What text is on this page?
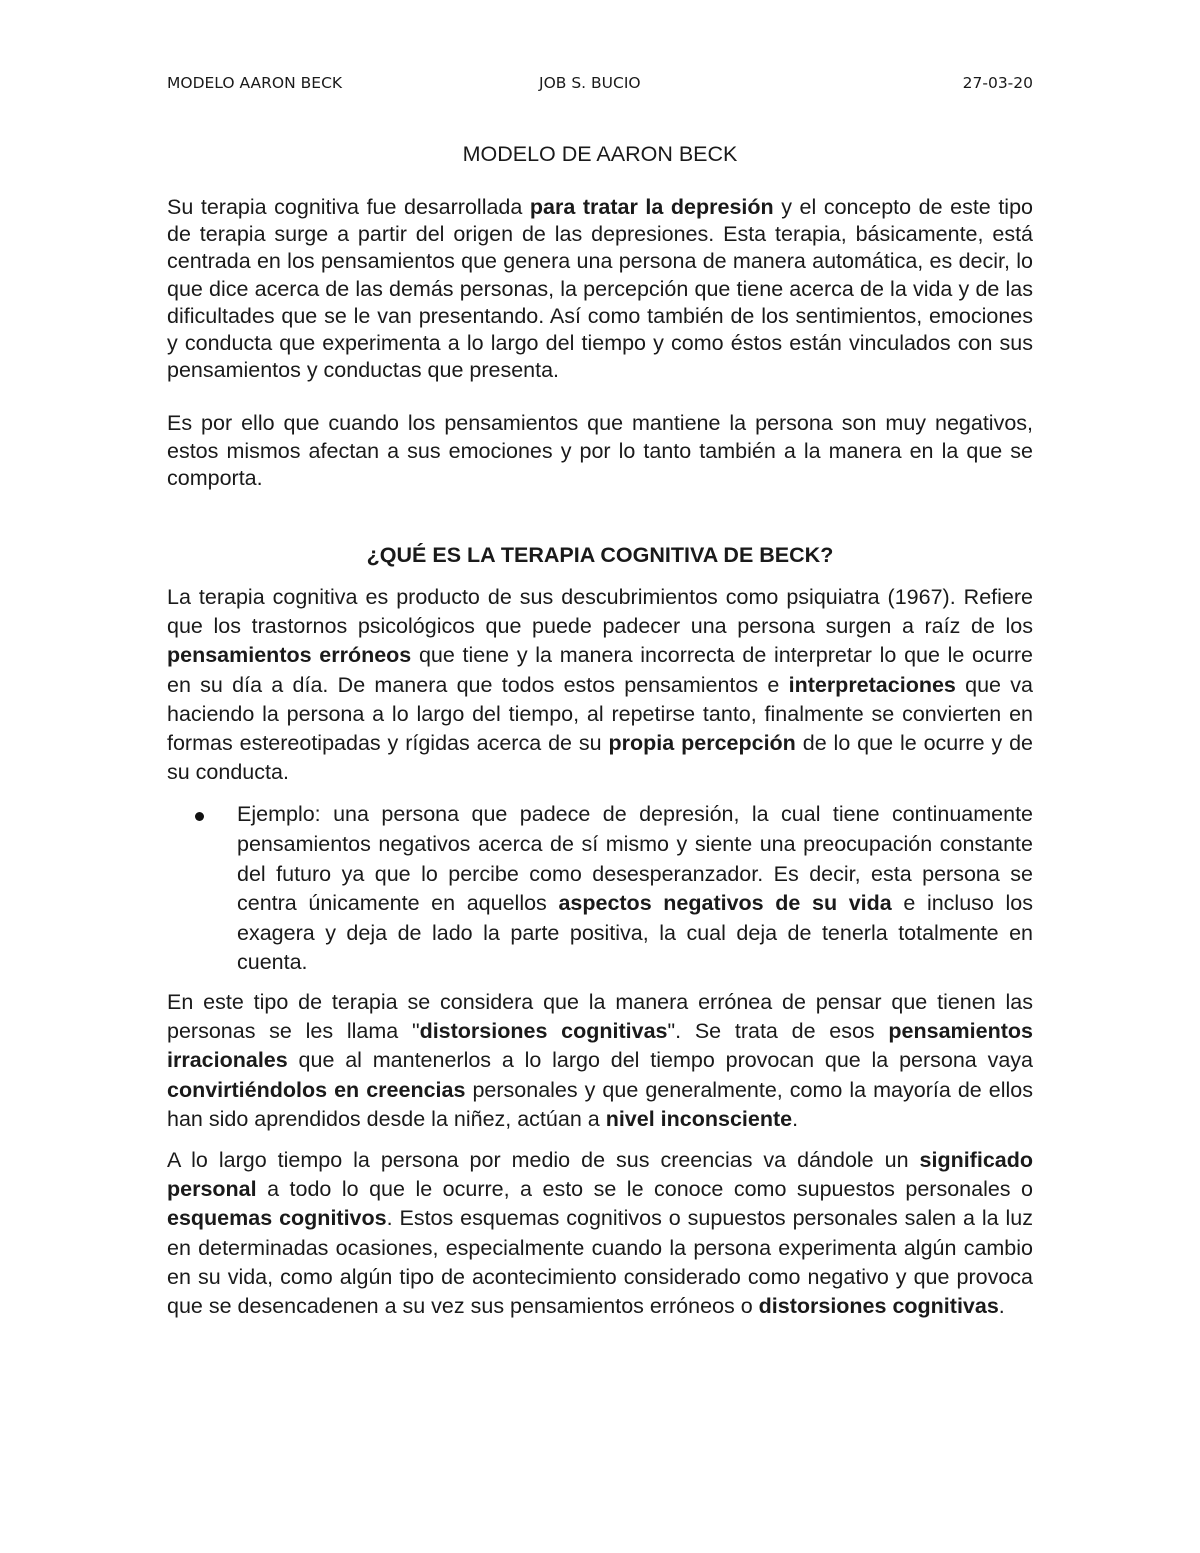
MODELO AARON BECK	JOB S. BUCIO	27-03-20
MODELO DE AARON BECK

Su terapia cognitiva fue desarrollada para tratar la depresión y el concepto de este tipo de terapia surge a partir del origen de las depresiones. Esta terapia, básicamente, está centrada en los pensamientos que genera una persona de manera automática, es decir, lo que dice acerca de las demás personas, la percepción que tiene acerca de la vida y de las dificultades que se le van presentando. Así como también de los sentimientos, emociones y conducta que experimenta a lo largo del tiempo y como éstos están vinculados con sus pensamientos y conductas que presenta.

Es por ello que cuando los pensamientos que mantiene la persona son muy negativos, estos mismos afectan a sus emociones y por lo tanto también a la manera en la que se comporta.

¿QUÉ ES LA TERAPIA COGNITIVA DE BECK?

La terapia cognitiva es producto de sus descubrimientos como psiquiatra (1967). Refiere que los trastornos psicológicos que puede padecer una persona surgen a raíz de los pensamientos erróneos que tiene y la manera incorrecta de interpretar lo que le ocurre en su día a día. De manera que todos estos pensamientos e interpretaciones que va haciendo la persona a lo largo del tiempo, al repetirse tanto, finalmente se convierten en formas estereotipadas y rígidas acerca de su propia percepción de lo que le ocurre y de su conducta.

Ejemplo: una persona que padece de depresión, la cual tiene continuamente pensamientos negativos acerca de sí mismo y siente una preocupación constante del futuro ya que lo percibe como desesperanzador. Es decir, esta persona se centra únicamente en aquellos aspectos negativos de su vida e incluso los exagera y deja de lado la parte positiva, la cual deja de tenerla totalmente en cuenta.

En este tipo de terapia se considera que la manera errónea de pensar que tienen las personas se les llama "distorsiones cognitivas". Se trata de esos pensamientos irracionales que al mantenerlos a lo largo del tiempo provocan que la persona vaya convirtiéndolos en creencias personales y que generalmente, como la mayoría de ellos han sido aprendidos desde la niñez, actúan a nivel inconsciente.

A lo largo tiempo la persona por medio de sus creencias va dándole un significado personal a todo lo que le ocurre, a esto se le conoce como supuestos personales o esquemas cognitivos. Estos esquemas cognitivos o supuestos personales salen a la luz en determinadas ocasiones, especialmente cuando la persona experimenta algún cambio en su vida, como algún tipo de acontecimiento considerado como negativo y que provoca que se desencadenen a su vez sus pensamientos erróneos o distorsiones cognitivas.
